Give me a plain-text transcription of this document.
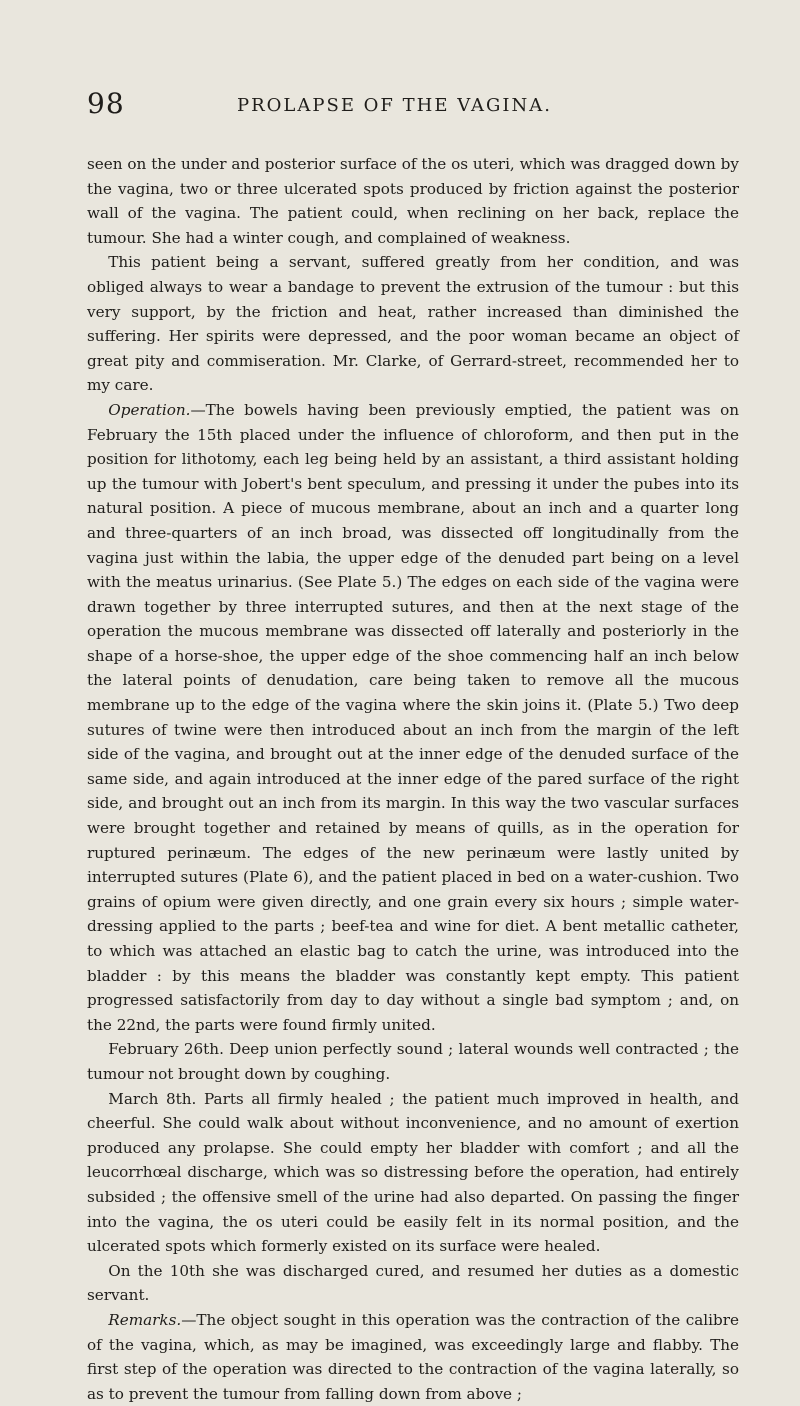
98	PROLAPSE OF THE VAGINA.

seen on the under and posterior surface of the os uteri, which was dragged down by the vagina, two or three ulcerated spots produced by friction against the posterior wall of the vagina. The patient could, when reclining on her back, replace the tumour. She had a winter cough, and complained of weakness.

This patient being a servant, suffered greatly from her condition, and was obliged always to wear a bandage to prevent the extrusion of the tumour : but this very support, by the friction and heat, rather increased than diminished the suffering. Her spirits were depressed, and the poor woman became an object of great pity and commiseration. Mr. Clarke, of Gerrard-street, recommended her to my care.

Operation.—The bowels having been previously emptied, the patient was on February the 15th placed under the influence of chloroform, and then put in the position for lithotomy, each leg being held by an assistant, a third assistant holding up the tumour with Jobert's bent speculum, and pressing it under the pubes into its natural position. A piece of mucous membrane, about an inch and a quarter long and three-quarters of an inch broad, was dissected off longitudinally from the vagina just within the labia, the upper edge of the denuded part being on a level with the meatus urinarius. (See Plate 5.) The edges on each side of the vagina were drawn together by three interrupted sutures, and then at the next stage of the operation the mucous membrane was dissected off laterally and posteriorly in the shape of a horse-shoe, the upper edge of the shoe commencing half an inch below the lateral points of denudation, care being taken to remove all the mucous membrane up to the edge of the vagina where the skin joins it. (Plate 5.) Two deep sutures of twine were then introduced about an inch from the margin of the left side of the vagina, and brought out at the inner edge of the denuded surface of the same side, and again introduced at the inner edge of the pared surface of the right side, and brought out an inch from its margin. In this way the two vascular surfaces were brought together and retained by means of quills, as in the operation for ruptured perinæum. The edges of the new perinæum were lastly united by interrupted sutures (Plate 6), and the patient placed in bed on a water-cushion. Two grains of opium were given directly, and one grain every six hours ; simple water-dressing applied to the parts ; beef-tea and wine for diet. A bent metallic catheter, to which was attached an elastic bag to catch the urine, was introduced into the bladder : by this means the bladder was constantly kept empty. This patient progressed satisfactorily from day to day without a single bad symptom ; and, on the 22nd, the parts were found firmly united.

February 26th. Deep union perfectly sound ; lateral wounds well contracted ; the tumour not brought down by coughing.

March 8th. Parts all firmly healed ; the patient much improved in health, and cheerful. She could walk about without inconvenience, and no amount of exertion produced any prolapse. She could empty her bladder with comfort ; and all the leucorrhœal discharge, which was so distressing before the operation, had entirely subsided ; the offensive smell of the urine had also departed. On passing the finger into the vagina, the os uteri could be easily felt in its normal position, and the ulcerated spots which formerly existed on its surface were healed.

On the 10th she was discharged cured, and resumed her duties as a domestic servant.

Remarks.—The object sought in this operation was the contraction of the calibre of the vagina, which, as may be imagined, was exceedingly large and flabby. The first step of the operation was directed to the contraction of the vagina laterally, so as to prevent the tumour from falling down from above ;
